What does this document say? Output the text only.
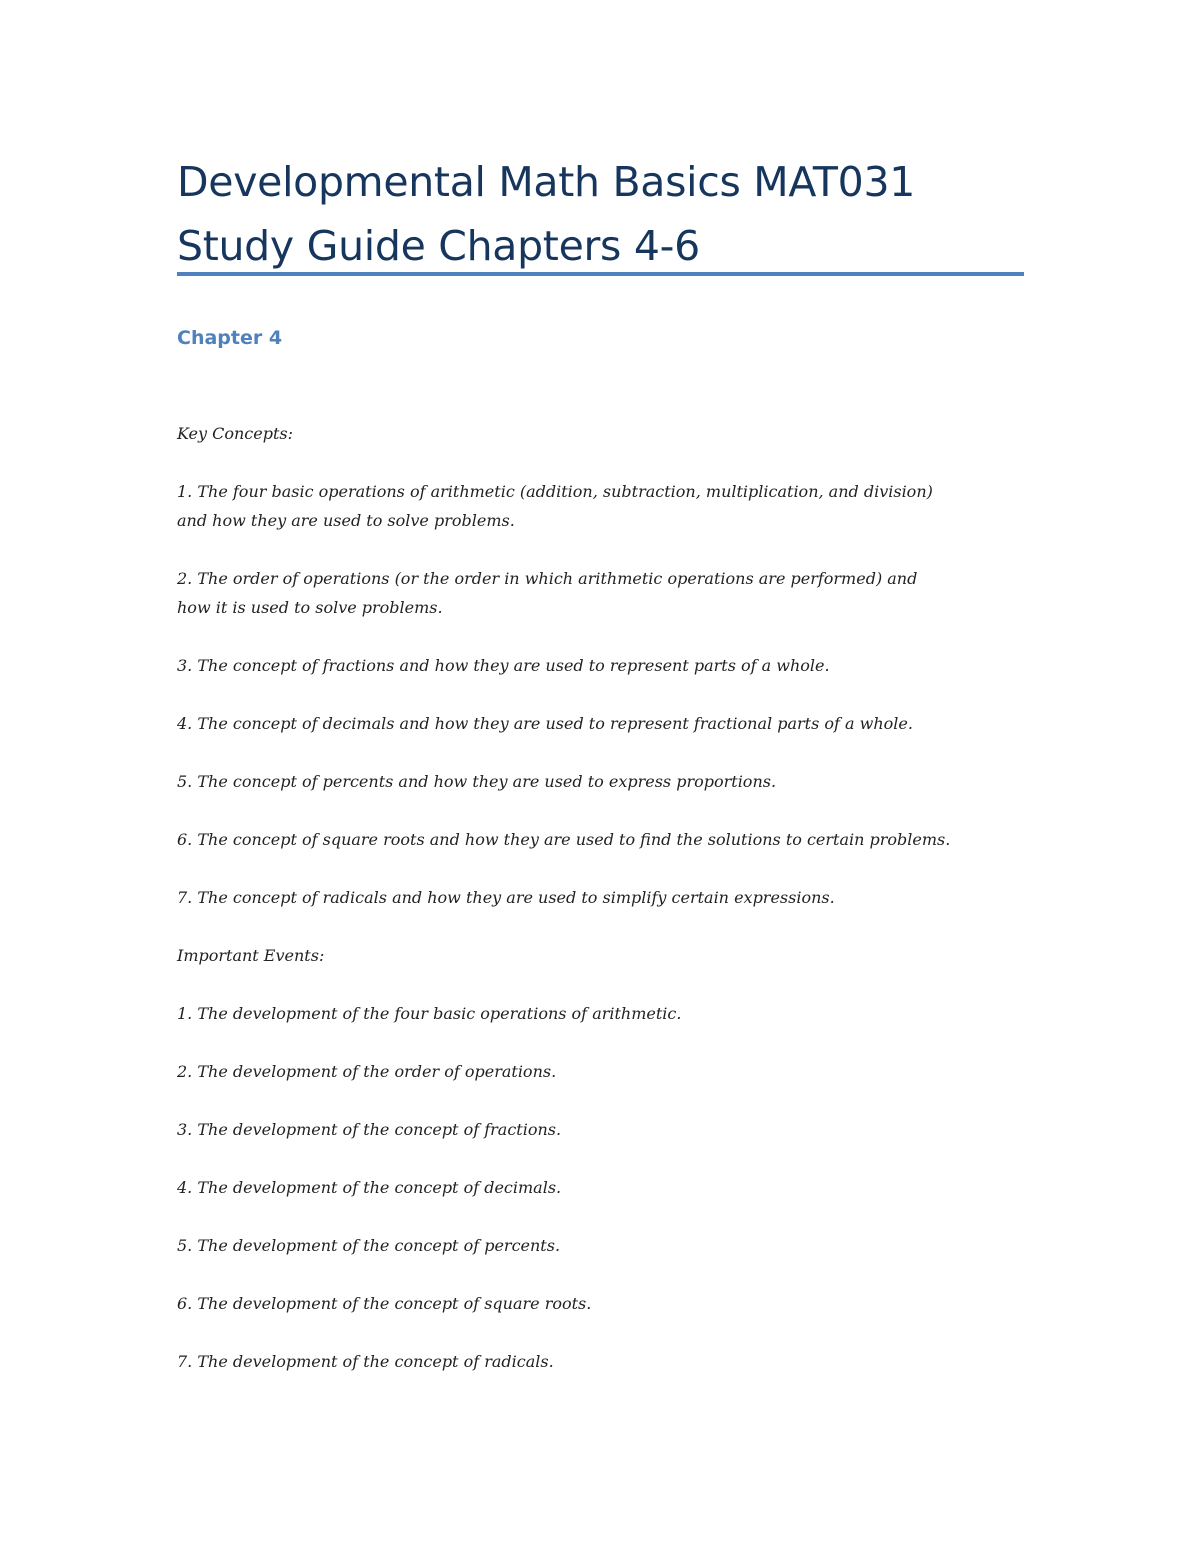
Developmental Math Basics MAT031
Study Guide Chapters 4-6
Chapter 4
Key Concepts:
1. The four basic operations of arithmetic (addition, subtraction, multiplication, and division)
and how they are used to solve problems.
2. The order of operations (or the order in which arithmetic operations are performed) and
how it is used to solve problems.
3. The concept of fractions and how they are used to represent parts of a whole.
4. The concept of decimals and how they are used to represent fractional parts of a whole.
5. The concept of percents and how they are used to express proportions.
6. The concept of square roots and how they are used to find the solutions to certain problems.
7. The concept of radicals and how they are used to simplify certain expressions.
Important Events:
1. The development of the four basic operations of arithmetic.
2. The development of the order of operations.
3. The development of the concept of fractions.
4. The development of the concept of decimals.
5. The development of the concept of percents.
6. The development of the concept of square roots.
7. The development of the concept of radicals.
